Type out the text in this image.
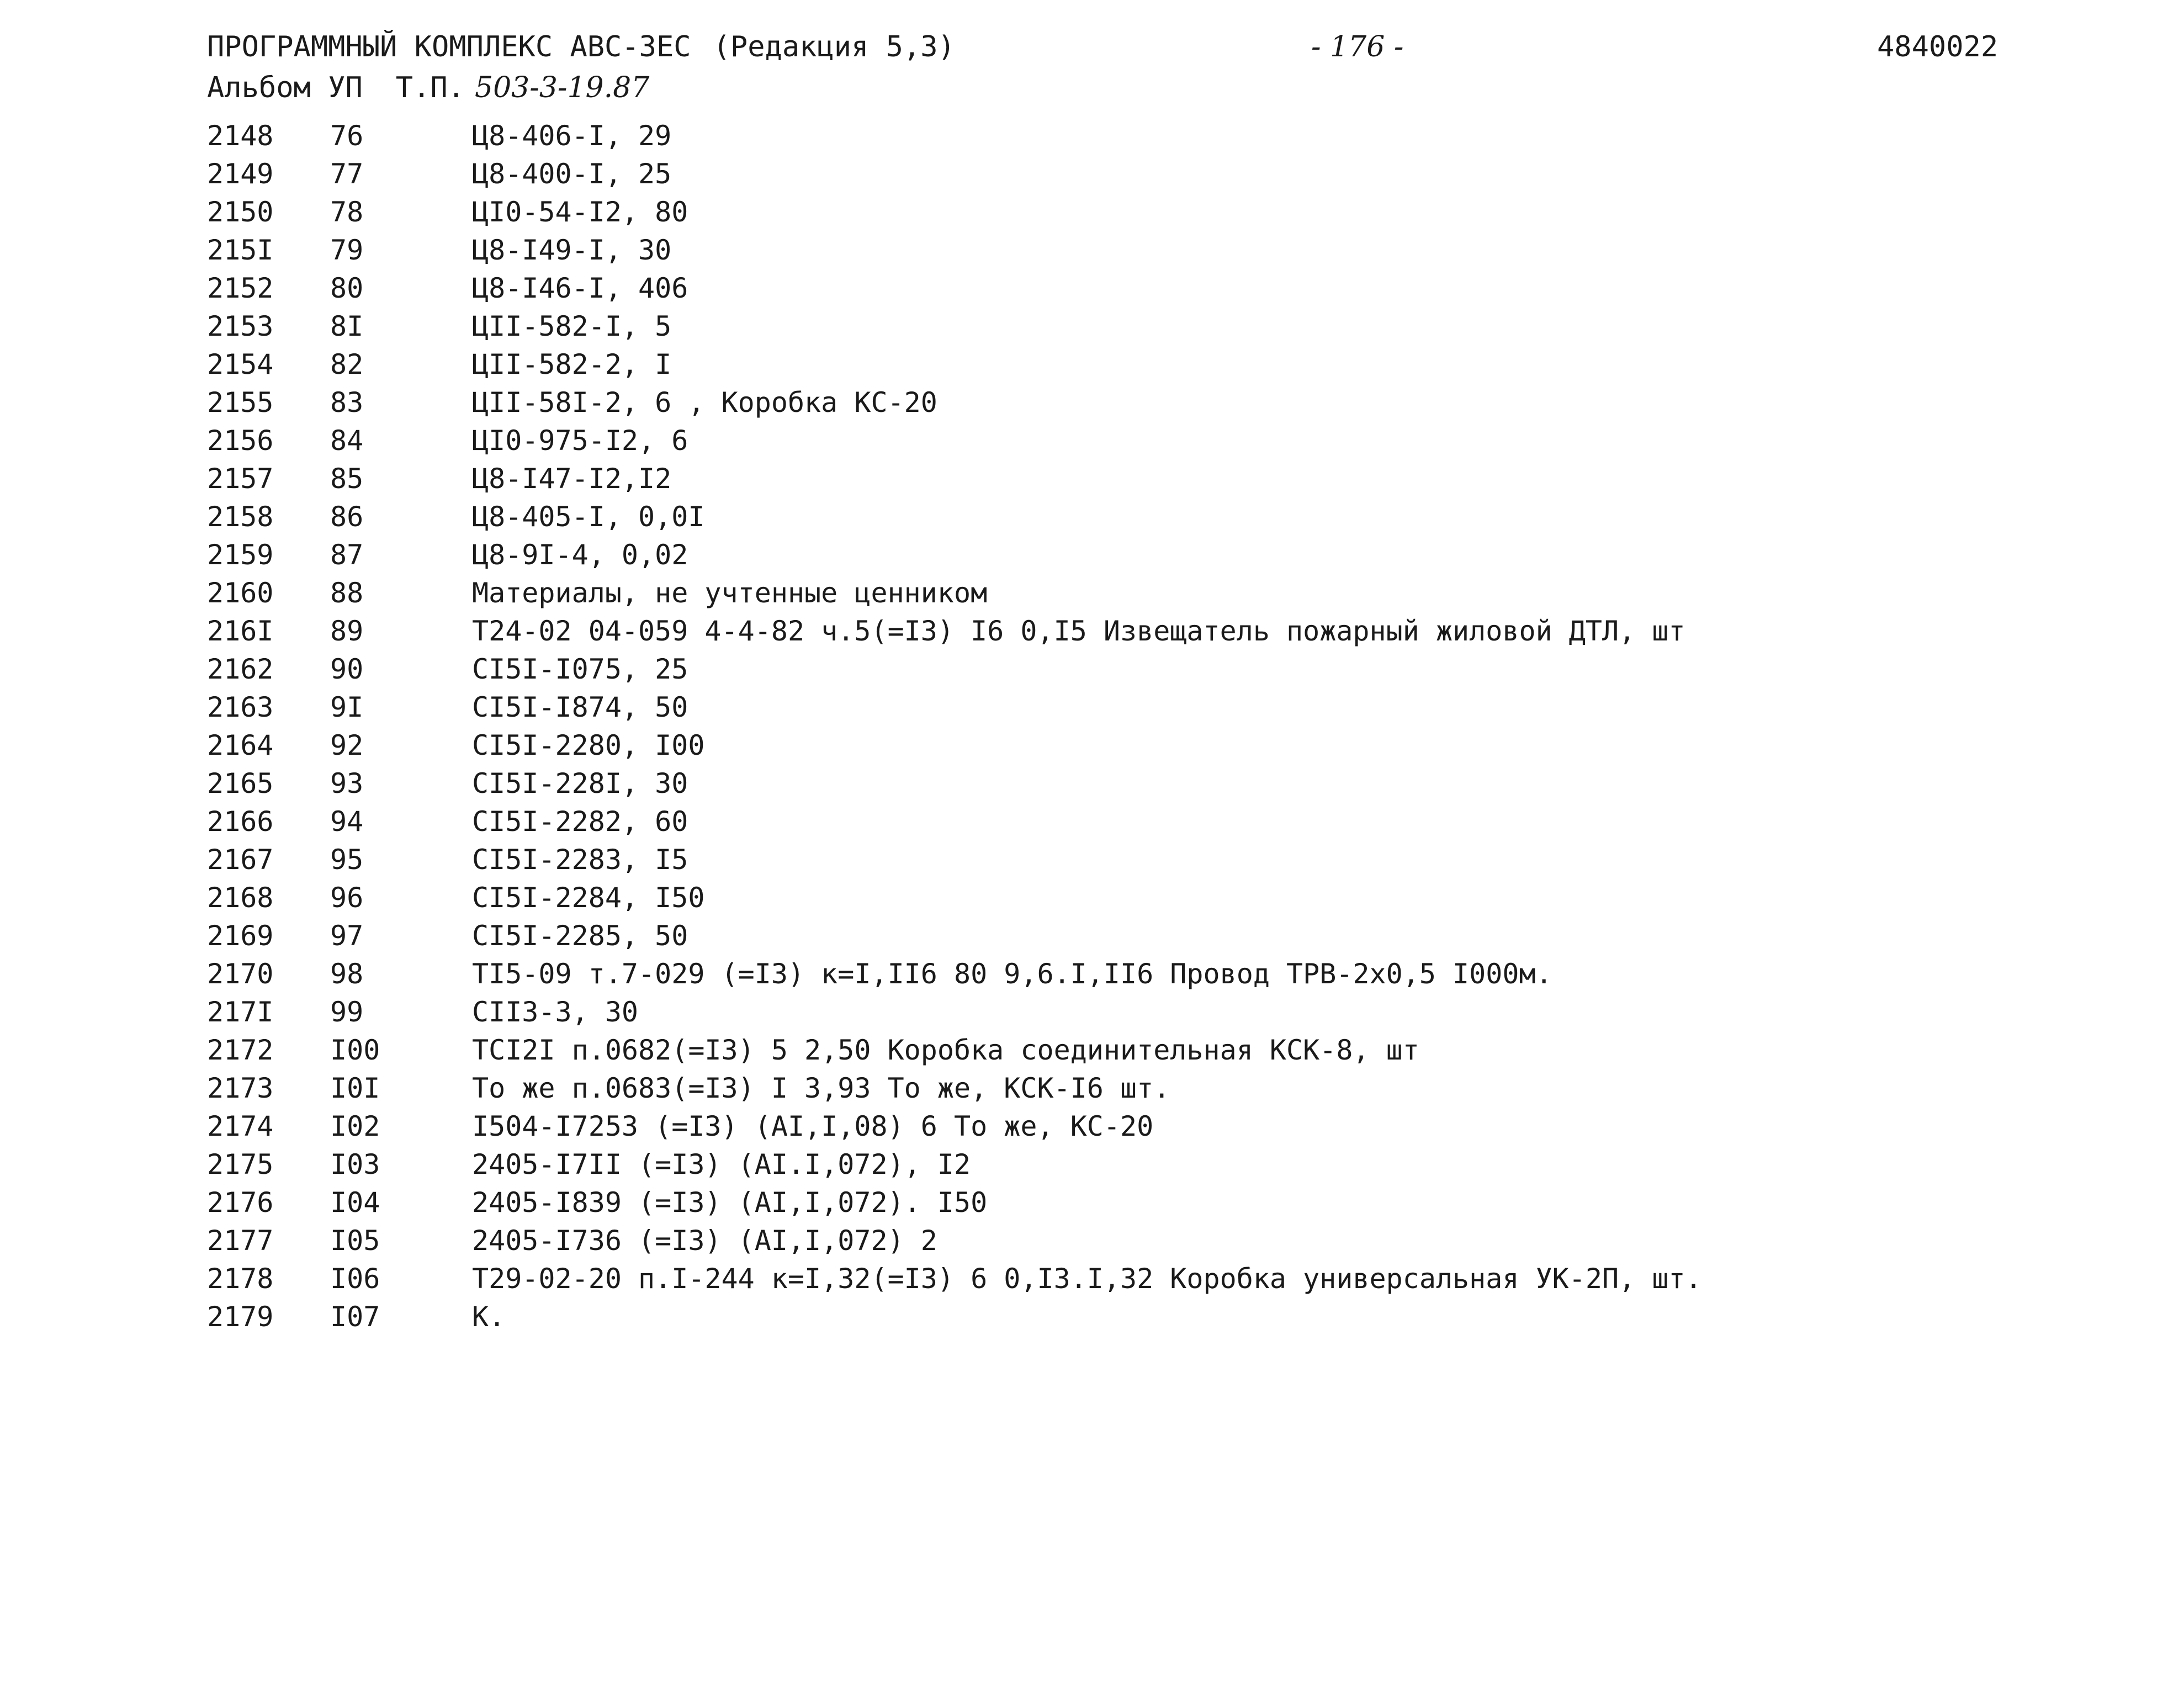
ПРОГРАММНЫЙ КОМПЛЕКС АВС-ЗЕС (Редакция 5,3)	- 176 -	4840022
Альбом УП Т.П. 503-3-19.87
2148 76	Ц8-406-I, 29
2149 77	Ц8-400-I, 25
2150 78	ЦI0-54-I2, 80
215I 79	Ц8-I49-I, 30
2152 80	Ц8-I46-I, 406
2153 8I	ЦII-582-I, 5
2154 82	ЦII-582-2, I
2155 83	ЦII-58I-2, 6 , Коробка КС-20
2156 84	ЦI0-975-I2, 6
2157 85	Ц8-I47-I2,I2
2158 86	Ц8-405-I, 0,0I
2159 87	Ц8-9I-4, 0,02
2160 88	Материалы, не учтенные ценником
216I 89	Т24-02 04-059 4-4-82 ч.5(=I3) I6 0,I5 Извещатель пожарный жиловой ДТЛ, шт
2162 90	СI5I-I075, 25
2163 9I	СI5I-I874, 50
2164 92	СI5I-2280, I00
2165 93	СI5I-228I, 30
2166 94	СI5I-2282, 60
2167 95	СI5I-2283, I5
2168 96	СI5I-2284, I50
2169 97	СI5I-2285, 50
2170 98	ТI5-09 т.7-029 (=I3) к=I,II6 80 9,6.I,II6 Провод ТРВ-2х0,5 I000м.
217I 99	СII3-3, 30
2172 I00	ТСI2I п.0682(=I3) 5 2,50 Коробка соединительная КСК-8, шт
2173 I0I	То же п.0683(=I3) I 3,93 То же, КСК-I6 шт.
2174 I02	I504-I7253 (=I3) (АI,I,08) 6 То же, КС-20
2175 I03	2405-I7II (=I3) (АI.I,072), I2
2176 I04	2405-I839 (=I3) (АI,I,072). I50
2177 I05	2405-I736 (=I3) (АI,I,072) 2
2178 I06	Т29-02-20 п.I-244 к=I,32(=I3) 6 0,I3.I,32 Коробка универсальная УК-2П, шт.
2179 I07	К.
